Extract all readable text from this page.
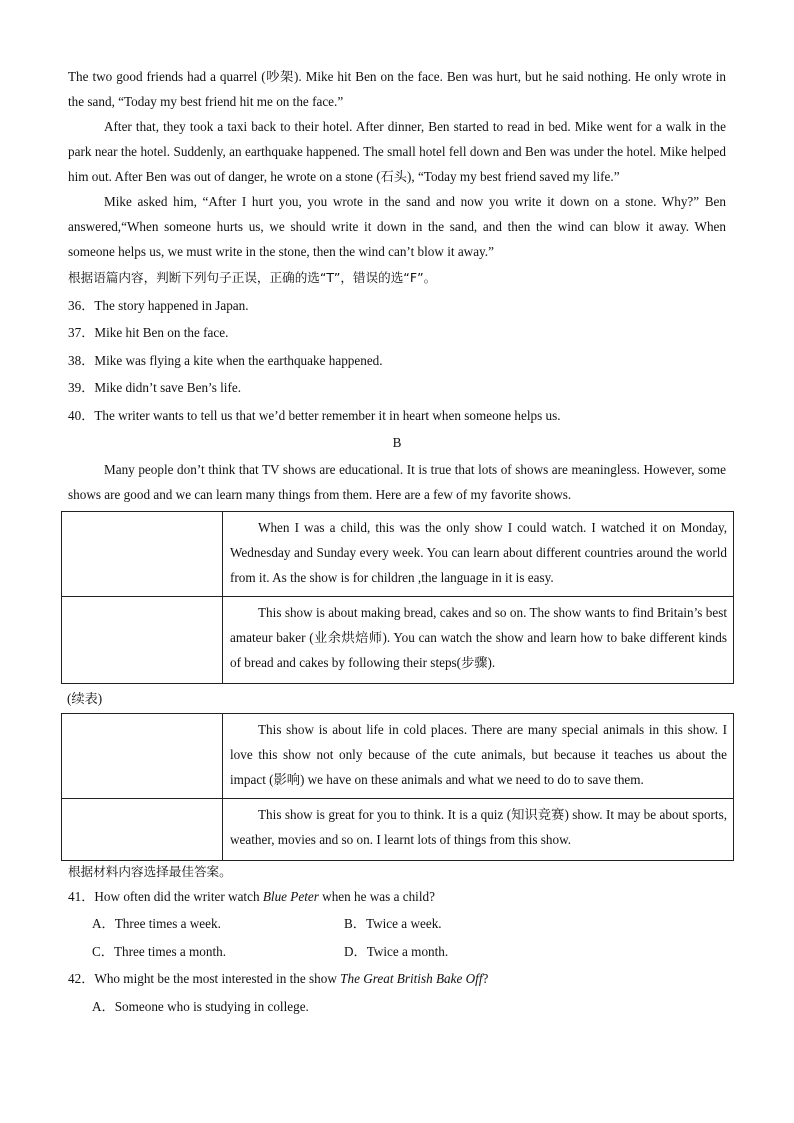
The two good friends had a quarrel (吵架). Mike hit Ben on the face. Ben was hurt, but he said nothing. He only wrote in the sand, “Today my best friend hit me on the face.”

After that, they took a taxi back to their hotel. After dinner, Ben started to read in bed. Mike went for a walk in the park near the hotel. Suddenly, an earthquake happened. The small hotel fell down and Ben was under the hotel. Mike helped him out. After Ben was out of danger, he wrote on a stone (石头), “Today my best friend saved my life.”

Mike asked him, “After I hurt you, you wrote in the sand and now you write it down on a stone. Why?” Ben answered,“When someone hurts us, we should write it down in the sand, and then the wind can blow it away. When someone helps us, we must write in the stone, then the wind can’t blow it away.”

根据语篇内容，判断下列句子正误，正确的选“T”，错误的选“F”。

36．The story happened in Japan.

37．Mike hit Ben on the face.

38．Mike was flying a kite when the earthquake happened.

39．Mike didn’t save Ben’s life.

40．The writer wants to tell us that we’d better remember it in heart when someone helps us.

B

Many people don’t think that TV shows are educational. It is true that lots of shows are meaningless. However, some shows are good and we can learn many things from them. Here are a few of my favorite shows.

	When I was a child, this was the only show I could watch. I watched it on Monday, Wednesday and Sunday every week. You can learn about different countries around the world from it. As the show is for children ,the language in it is easy.

	This show is about making bread, cakes and so on. The show wants to find Britain’s best amateur baker (业余烘焙师). You can watch the show and learn how to bake different kinds of bread and cakes by following their steps(步骤).

(续表)

	This show is about life in cold places. There are many special animals in this show. I love this show not only because of the cute animals, but because it teaches us about the impact (影响) we have on these animals and what we need to do to save them.

	This show is great for you to think. It is a quiz (知识竞赛) show. It may be about sports, weather, movies and so on. I learnt lots of things from this show.

根据材料内容选择最佳答案。

41．How often did the writer watch Blue Peter when he was a child?

A．Three times a week.	B．Twice a week.
C．Three times a month.	D．Twice a month.

42．Who might be the most interested in the show The Great British Bake Off?

A．Someone who is studying in college.
